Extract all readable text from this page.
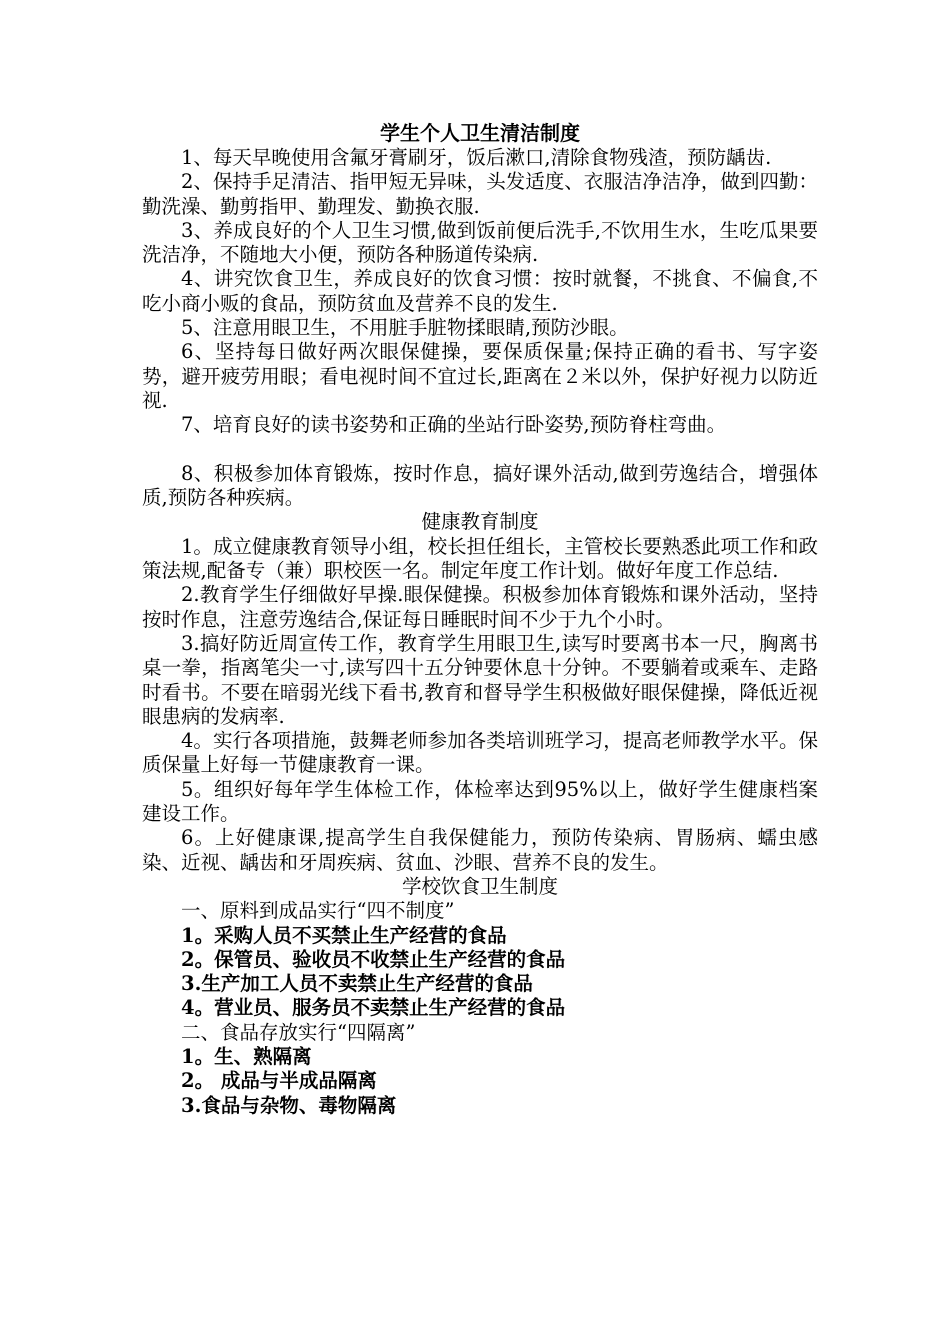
学生个人卫生清洁制度

1、每天早晚使用含氟牙膏刷牙，饭后漱口,清除食物残渣，预防龋齿.

2、保持手足清洁、指甲短无异味，头发适度、衣服洁净洁净，做到四勤：勤洗澡、勤剪指甲、勤理发、勤换衣服.

3、养成良好的个人卫生习惯,做到饭前便后洗手,不饮用生水，生吃瓜果要洗洁净，不随地大小便，预防各种肠道传染病.

4、讲究饮食卫生，养成良好的饮食习惯：按时就餐，不挑食、不偏食,不吃小商小贩的食品，预防贫血及营养不良的发生.

5、注意用眼卫生，不用脏手脏物揉眼睛,预防沙眼。

6、坚持每日做好两次眼保健操，要保质保量;保持正确的看书、写字姿势，避开疲劳用眼；看电视时间不宜过长,距离在２米以外，保护好视力以防近视.

7、培育良好的读书姿势和正确的坐站行卧姿势,预防脊柱弯曲。

8、积极参加体育锻炼，按时作息，搞好课外活动,做到劳逸结合，增强体质,预防各种疾病。

健康教育制度

1。成立健康教育领导小组，校长担任组长，主管校长要熟悉此项工作和政策法规,配备专（兼）职校医一名。制定年度工作计划。做好年度工作总结.

2.教育学生仔细做好早操.眼保健操。积极参加体育锻炼和课外活动，坚持按时作息，注意劳逸结合,保证每日睡眠时间不少于九个小时。

3.搞好防近周宣传工作，教育学生用眼卫生,读写时要离书本一尺，胸离书桌一拳，指离笔尖一寸,读写四十五分钟要休息十分钟。不要躺着或乘车、走路时看书。不要在暗弱光线下看书,教育和督导学生积极做好眼保健操，降低近视眼患病的发病率.

4。实行各项措施，鼓舞老师参加各类培训班学习，提高老师教学水平。保质保量上好每一节健康教育一课。

5。组织好每年学生体检工作，体检率达到95%以上，做好学生健康档案建设工作。

6。上好健康课,提高学生自我保健能力，预防传染病、胃肠病、蠕虫感染、近视、龋齿和牙周疾病、贫血、沙眼、营养不良的发生。

学校饮食卫生制度

一、原料到成品实行“四不制度”

1。采购人员不买禁止生产经营的食品

2。保管员、验收员不收禁止生产经营的食品

3.生产加工人员不卖禁止生产经营的食品

4。营业员、服务员不卖禁止生产经营的食品

二、食品存放实行“四隔离”

1。生、熟隔离

2。 成品与半成品隔离

3.食品与杂物、毒物隔离
